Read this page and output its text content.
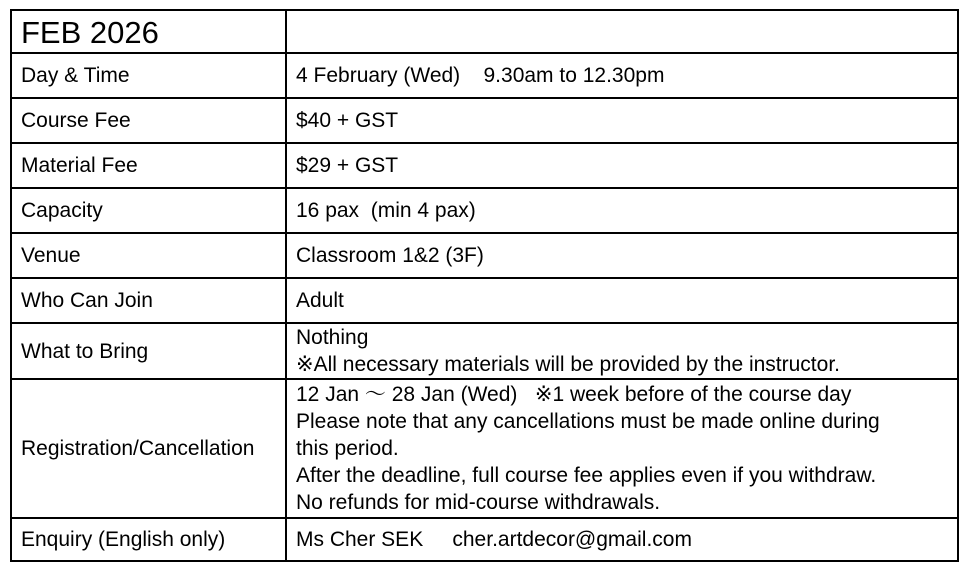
FEB 2026	
Day & Time	4 February (Wed)    9.30am to 12.30pm
Course Fee	$40 + GST
Material Fee	$29 + GST
Capacity	16 pax  (min 4 pax)
Venue	Classroom 1&2 (3F)
Who Can Join	Adult
What to Bring	Nothing
※All necessary materials will be provided by the instructor.

Registration/Cancellation	12 Jan ～ 28 Jan (Wed)   ※1 week before of the course day
Please note that any cancellations must be made online during
this period.
After the deadline, full course fee applies even if you withdraw.
No refunds for mid-course withdrawals.

Enquiry (English only)	Ms Cher SEK     cher.artdecor@gmail.com
